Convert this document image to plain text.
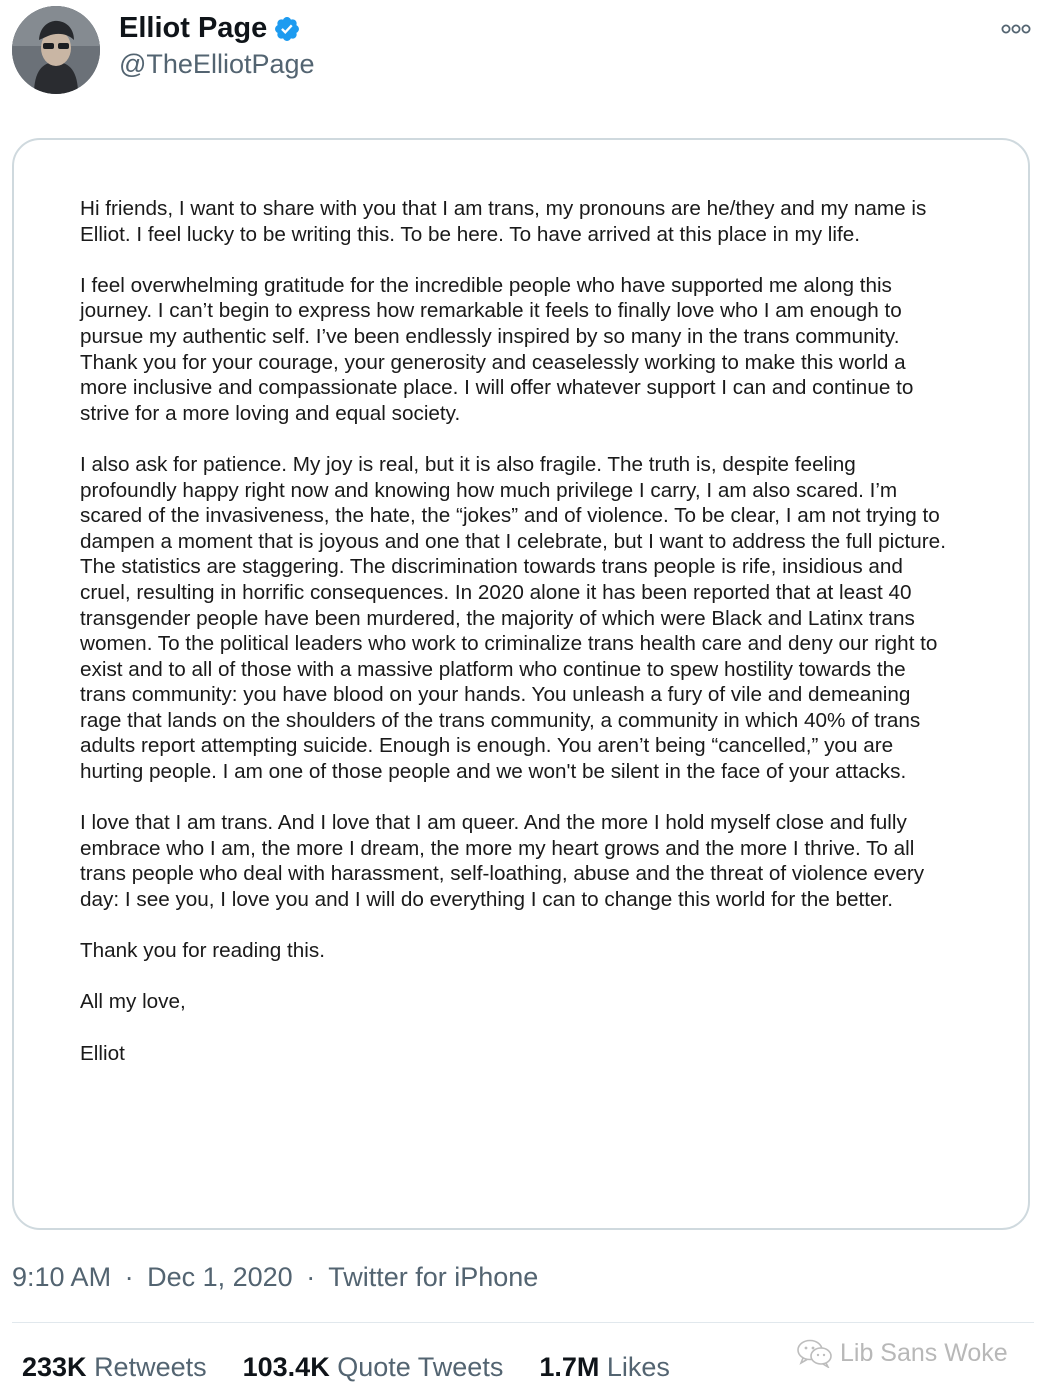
Elliot Page
@TheElliotPage

Hi friends, I want to share with you that I am trans, my pronouns are he/they and my name is Elliot. I feel lucky to be writing this. To be here. To have arrived at this place in my life.

I feel overwhelming gratitude for the incredible people who have supported me along this journey. I can’t begin to express how remarkable it feels to finally love who I am enough to pursue my authentic self. I’ve been endlessly inspired by so many in the trans community. Thank you for your courage, your generosity and ceaselessly working to make this world a more inclusive and compassionate place. I will offer whatever support I can and continue to strive for a more loving and equal society.

I also ask for patience. My joy is real, but it is also fragile. The truth is, despite feeling profoundly happy right now and knowing how much privilege I carry, I am also scared. I’m scared of the invasiveness, the hate, the “jokes” and of violence. To be clear, I am not trying to dampen a moment that is joyous and one that I celebrate, but I want to address the full picture. The statistics are staggering. The discrimination towards trans people is rife, insidious and cruel, resulting in horrific consequences. In 2020 alone it has been reported that at least 40 transgender people have been murdered, the majority of which were Black and Latinx trans women. To the political leaders who work to criminalize trans health care and deny our right to exist and to all of those with a massive platform who continue to spew hostility towards the trans community: you have blood on your hands. You unleash a fury of vile and demeaning rage that lands on the shoulders of the trans community, a community in which 40% of trans adults report attempting suicide. Enough is enough. You aren’t being “cancelled,” you are hurting people. I am one of those people and we won't be silent in the face of your attacks.

I love that I am trans. And I love that I am queer. And the more I hold myself close and fully embrace who I am, the more I dream, the more my heart grows and the more I thrive. To all trans people who deal with harassment, self-loathing, abuse and the threat of violence every day: I see you, I love you and I will do everything I can to change this world for the better.

Thank you for reading this.

All my love,

Elliot

9:10 AM · Dec 1, 2020 · Twitter for iPhone
233K Retweets 103.4K Quote Tweets 1.7M Likes	Lib Sans Woke
